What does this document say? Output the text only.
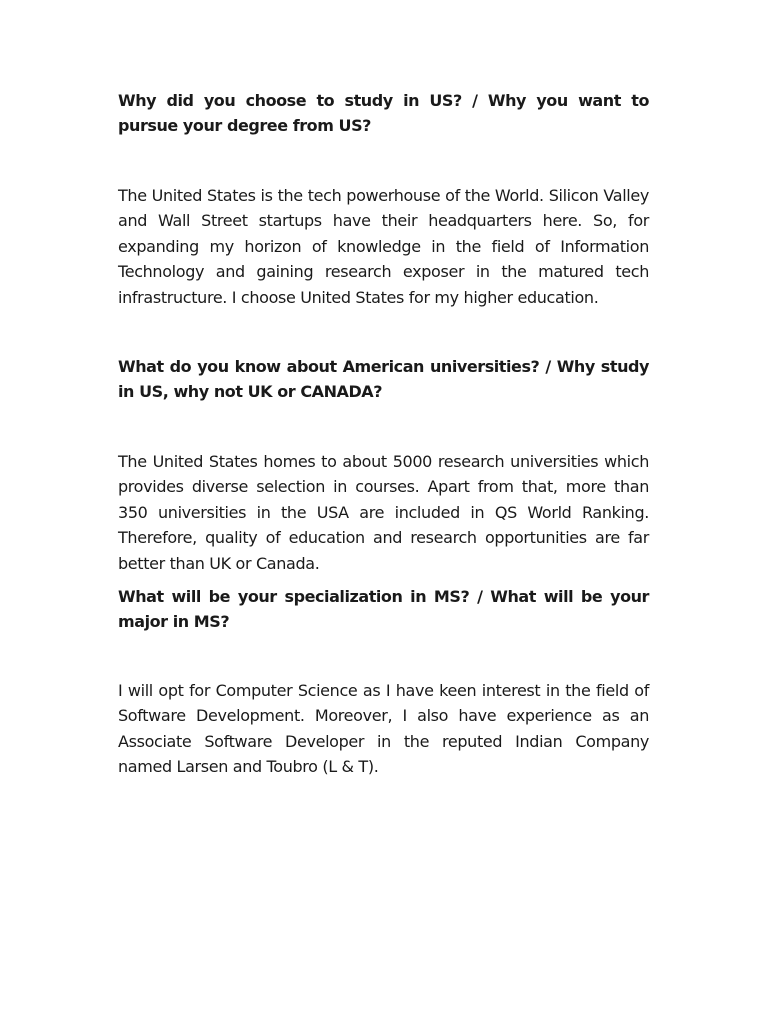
Why did you choose to study in US? / Why you want to pursue your degree from US?

The United States is the tech powerhouse of the World. Silicon Valley and Wall Street startups have their headquarters here. So, for expanding my horizon of knowledge in the field of Information Technology and gaining research exposer in the matured tech infrastructure. I choose United States for my higher education.

What do you know about American universities? / Why study in US, why not UK or CANADA?

The United States homes to about 5000 research universities which provides diverse selection in courses. Apart from that, more than 350 universities in the USA are included in QS World Ranking. Therefore, quality of education and research opportunities are far better than UK or Canada.

What will be your specialization in MS? / What will be your major in MS?

I will opt for Computer Science as I have keen interest in the field of Software Development. Moreover, I also have experience as an Associate Software Developer in the reputed Indian Company named Larsen and Toubro (L & T).
